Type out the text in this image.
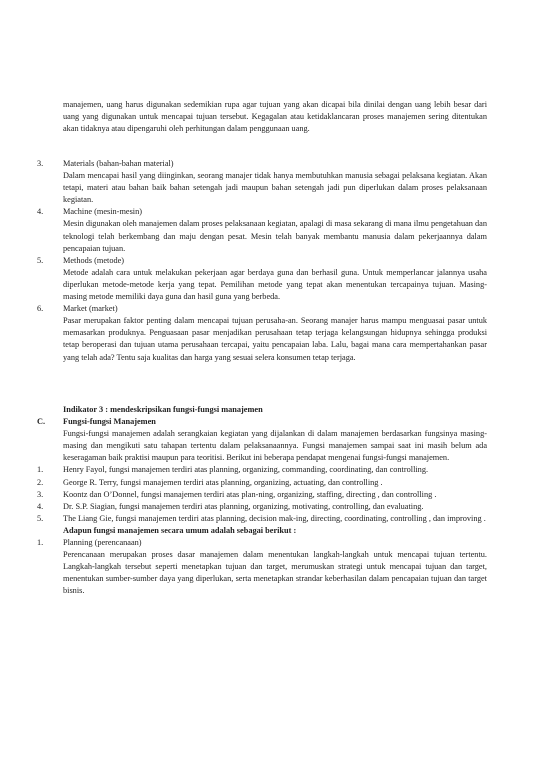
manajemen, uang harus digunakan sedemikian rupa agar tujuan yang akan dicapai bila dinilai dengan uang lebih besar dari uang yang digunakan untuk mencapai tujuan tersebut. Kegagalan atau ketidaklancaran proses manajemen sering ditentukan akan tidaknya atau dipengaruhi oleh perhitungan dalam penggunaan uang.

3. Materials (bahan-bahan material)
Dalam mencapai hasil yang diinginkan, seorang manajer tidak hanya membutuhkan manusia sebagai pelaksana kegiatan. Akan tetapi, materi atau bahan baik bahan setengah jadi maupun bahan setengah jadi pun diperlukan dalam proses pelaksanaan kegiatan.
4. Machine (mesin-mesin)
Mesin digunakan oleh manajemen dalam proses pelaksanaan kegiatan, apalagi di masa sekarang di mana ilmu pengetahuan dan teknologi telah berkembang dan maju dengan pesat. Mesin telah banyak membantu manusia dalam pekerjaannya dalam pencapaian tujuan.
5. Methods (metode)
Metode adalah cara untuk melakukan pekerjaan agar berdaya guna dan berhasil guna. Untuk memperlancar jalannya usaha diperlukan metode-metode kerja yang tepat. Pemilihan metode yang tepat akan menentukan tercapainya tujuan. Masing-masing metode memiliki daya guna dan hasil guna yang berbeda.
6. Market (market)
Pasar merupakan faktor penting dalam mencapai tujuan perusaha-an. Seorang manajer harus mampu menguasai pasar untuk memasarkan produknya. Penguasaan pasar menjadikan perusahaan tetap terjaga kelangsungan hidupnya sehingga produksi tetap beroperasi dan tujuan utama perusahaan tercapai, yaitu pencapaian laba. Lalu, bagai mana cara mempertahankan pasar yang telah ada? Tentu saja kualitas dan harga yang sesuai selera konsumen tetap terjaga.
Indikator 3 : mendeskripsikan fungsi-fungsi manajemen
C. Fungsi-fungsi Manajemen

Fungsi-fungsi manajemen adalah serangkaian kegiatan yang dijalankan di dalam manajemen berdasarkan fungsinya masing-masing dan mengikuti satu tahapan tertentu dalam pelaksanaannya. Fungsi manajemen sampai saat ini masih belum ada keseragaman baik praktisi maupun para teoritisi. Berikut ini beberapa pendapat mengenai fungsi-fungsi manajemen.

1. Henry Fayol, fungsi manajemen terdiri atas planning, organizing, commanding, coordinating, dan controlling.
2. George R. Terry, fungsi manajemen terdiri atas planning, organizing, actuating, dan controlling .
3. Koontz dan O’Donnel, fungsi manajemen terdiri atas plan-ning, organizing, staffing, directing , dan controlling .
4. Dr. S.P. Siagian, fungsi manajemen terdiri atas planning, organizing, motivating, controlling, dan evaluating.
5. The Liang Gie, fungsi manajemen terdiri atas planning, decision mak-ing, directing, coordinating, controlling , dan improving .
Adapun fungsi manajemen secara umum adalah sebagai berikut :
1. Planning (perencanaan)
Perencanaan merupakan proses dasar manajemen dalam menentukan langkah-langkah untuk mencapai tujuan tertentu. Langkah-langkah tersebut seperti menetapkan tujuan dan target, merumuskan strategi untuk mencapai tujuan dan target, menentukan sumber-sumber daya yang diperlukan, serta menetapkan strandar keberhasilan dalam pencapaian tujuan dan target bisnis.
